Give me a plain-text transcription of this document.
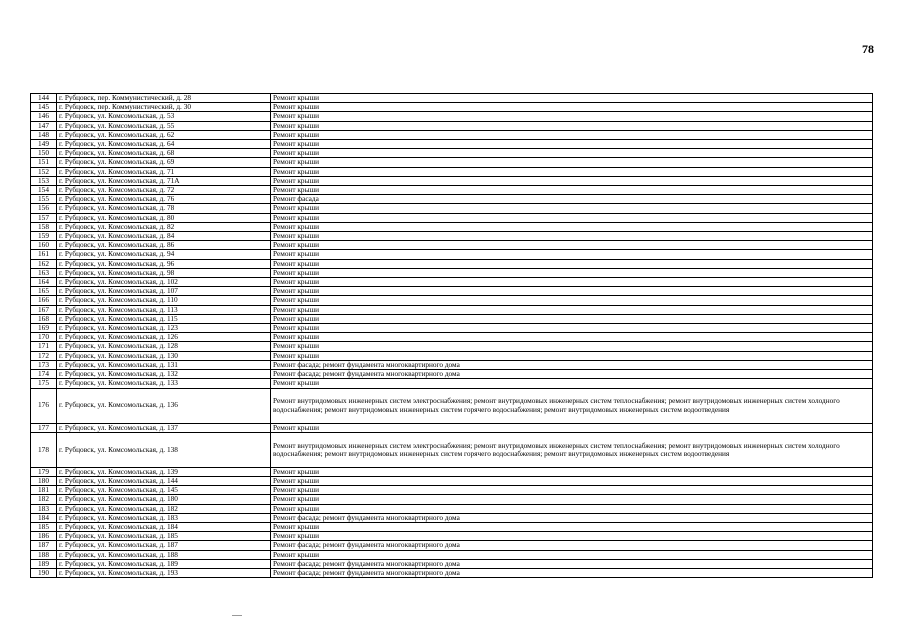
78
144	г. Рубцовск, пер. Коммунистический, д. 28	Ремонт крыши
145	г. Рубцовск, пер. Коммунистический, д. 30	Ремонт крыши
146	г. Рубцовск, ул. Комсомольская, д. 53	Ремонт крыши
147	г. Рубцовск, ул. Комсомольская, д. 55	Ремонт крыши
148	г. Рубцовск, ул. Комсомольская, д. 62	Ремонт крыши
149	г. Рубцовск, ул. Комсомольская, д. 64	Ремонт крыши
150	г. Рубцовск, ул. Комсомольская, д. 68	Ремонт крыши
151	г. Рубцовск, ул. Комсомольская, д. 69	Ремонт крыши
152	г. Рубцовск, ул. Комсомольская, д. 71	Ремонт крыши
153	г. Рубцовск, ул. Комсомольская, д. 71А	Ремонт крыши
154	г. Рубцовск, ул. Комсомольская, д. 72	Ремонт крыши
155	г. Рубцовск, ул. Комсомольская, д. 76	Ремонт фасада
156	г. Рубцовск, ул. Комсомольская, д. 78	Ремонт крыши
157	г. Рубцовск, ул. Комсомольская, д. 80	Ремонт крыши
158	г. Рубцовск, ул. Комсомольская, д. 82	Ремонт крыши
159	г. Рубцовск, ул. Комсомольская, д. 84	Ремонт крыши
160	г. Рубцовск, ул. Комсомольская, д. 86	Ремонт крыши
161	г. Рубцовск, ул. Комсомольская, д. 94	Ремонт крыши
162	г. Рубцовск, ул. Комсомольская, д. 96	Ремонт крыши
163	г. Рубцовск, ул. Комсомольская, д. 98	Ремонт крыши
164	г. Рубцовск, ул. Комсомольская, д. 102	Ремонт крыши
165	г. Рубцовск, ул. Комсомольская, д. 107	Ремонт крыши
166	г. Рубцовск, ул. Комсомольская, д. 110	Ремонт крыши
167	г. Рубцовск, ул. Комсомольская, д. 113	Ремонт крыши
168	г. Рубцовск, ул. Комсомольская, д. 115	Ремонт крыши
169	г. Рубцовск, ул. Комсомольская, д. 123	Ремонт крыши
170	г. Рубцовск, ул. Комсомольская, д. 126	Ремонт крыши
171	г. Рубцовск, ул. Комсомольская, д. 128	Ремонт крыши
172	г. Рубцовск, ул. Комсомольская, д. 130	Ремонт крыши
173	г. Рубцовск, ул. Комсомольская, д. 131	Ремонт фасада; ремонт фундамента многоквартирного дома
174	г. Рубцовск, ул. Комсомольская, д. 132	Ремонт фасада; ремонт фундамента многоквартирного дома
175	г. Рубцовск, ул. Комсомольская, д. 133	Ремонт крыши
176	г. Рубцовск, ул. Комсомольская, д. 136	Ремонт внутридомовых инженерных систем электроснабжения; ремонт внутридомовых инженерных систем теплоснабжения; ремонт внутридомовых инженерных систем холодного водоснабжения; ремонт внутридомовых инженерных систем горячего водоснабжения; ремонт внутридомовых инженерных систем водоотведения
177	г. Рубцовск, ул. Комсомольская, д. 137	Ремонт крыши
178	г. Рубцовск, ул. Комсомольская, д. 138	Ремонт внутридомовых инженерных систем электроснабжения; ремонт внутридомовых инженерных систем теплоснабжения; ремонт внутридомовых инженерных систем холодного водоснабжения; ремонт внутридомовых инженерных систем горячего водоснабжения; ремонт внутридомовых инженерных систем водоотведения
179	г. Рубцовск, ул. Комсомольская, д. 139	Ремонт крыши
180	г. Рубцовск, ул. Комсомольская, д. 144	Ремонт крыши
181	г. Рубцовск, ул. Комсомольская, д. 145	Ремонт крыши
182	г. Рубцовск, ул. Комсомольская, д. 180	Ремонт крыши
183	г. Рубцовск, ул. Комсомольская, д. 182	Ремонт крыши
184	г. Рубцовск, ул. Комсомольская, д. 183	Ремонт фасада; ремонт фундамента многоквартирного дома
185	г. Рубцовск, ул. Комсомольская, д. 184	Ремонт крыши
186	г. Рубцовск, ул. Комсомольская, д. 185	Ремонт крыши
187	г. Рубцовск, ул. Комсомольская, д. 187	Ремонт фасада; ремонт фундамента многоквартирного дома
188	г. Рубцовск, ул. Комсомольская, д. 188	Ремонт крыши
189	г. Рубцовск, ул. Комсомольская, д. 189	Ремонт фасада; ремонт фундамента многоквартирного дома
190	г. Рубцовск, ул. Комсомольская, д. 193	Ремонт фасада; ремонт фундамента многоквартирного дома
